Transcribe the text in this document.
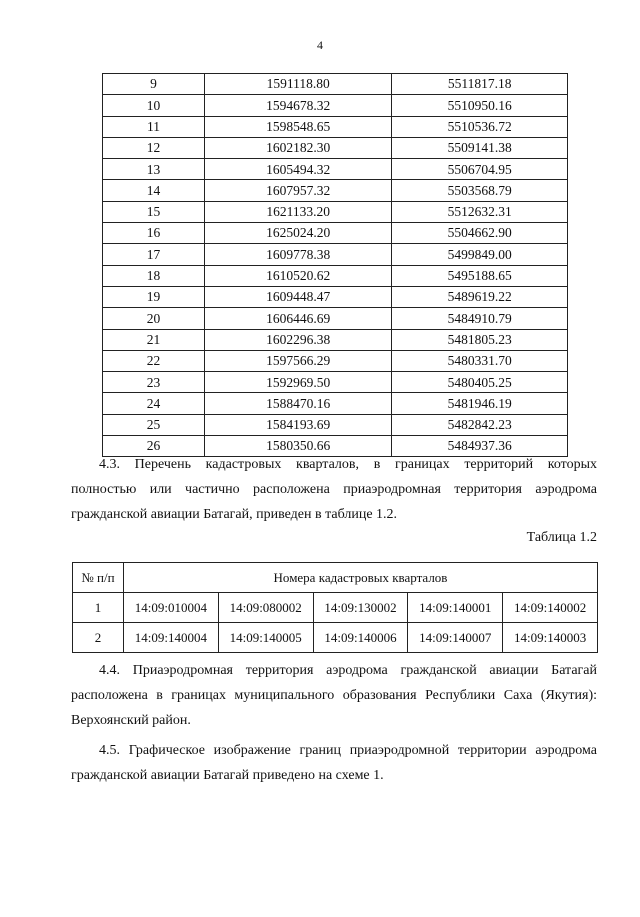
4
9	1591118.80	5511817.18
10	1594678.32	5510950.16
11	1598548.65	5510536.72
12	1602182.30	5509141.38
13	1605494.32	5506704.95
14	1607957.32	5503568.79
15	1621133.20	5512632.31
16	1625024.20	5504662.90
17	1609778.38	5499849.00
18	1610520.62	5495188.65
19	1609448.47	5489619.22
20	1606446.69	5484910.79
21	1602296.38	5481805.23
22	1597566.29	5480331.70
23	1592969.50	5480405.25
24	1588470.16	5481946.19
25	1584193.69	5482842.23
26	1580350.66	5484937.36

4.3. Перечень кадастровых кварталов, в границах территорий которых
полностью или частично расположена приаэродромная территория аэродрома
гражданской авиации Батагай, приведен в таблице 1.2.

Таблица 1.2
№ п/п	Номера кадастровых кварталов				
1	14:09:010004	14:09:080002	14:09:130002	14:09:140001	14:09:140002
2	14:09:140004	14:09:140005	14:09:140006	14:09:140007	14:09:140003

4.4. Приаэродромная территория аэродрома гражданской авиации Батагай
расположена в границах муниципального образования Республики Саха (Якутия):
Верхоянский район.

4.5. Графическое изображение границ приаэродромной территории аэродрома
гражданской авиации Батагай приведено на схеме 1.
